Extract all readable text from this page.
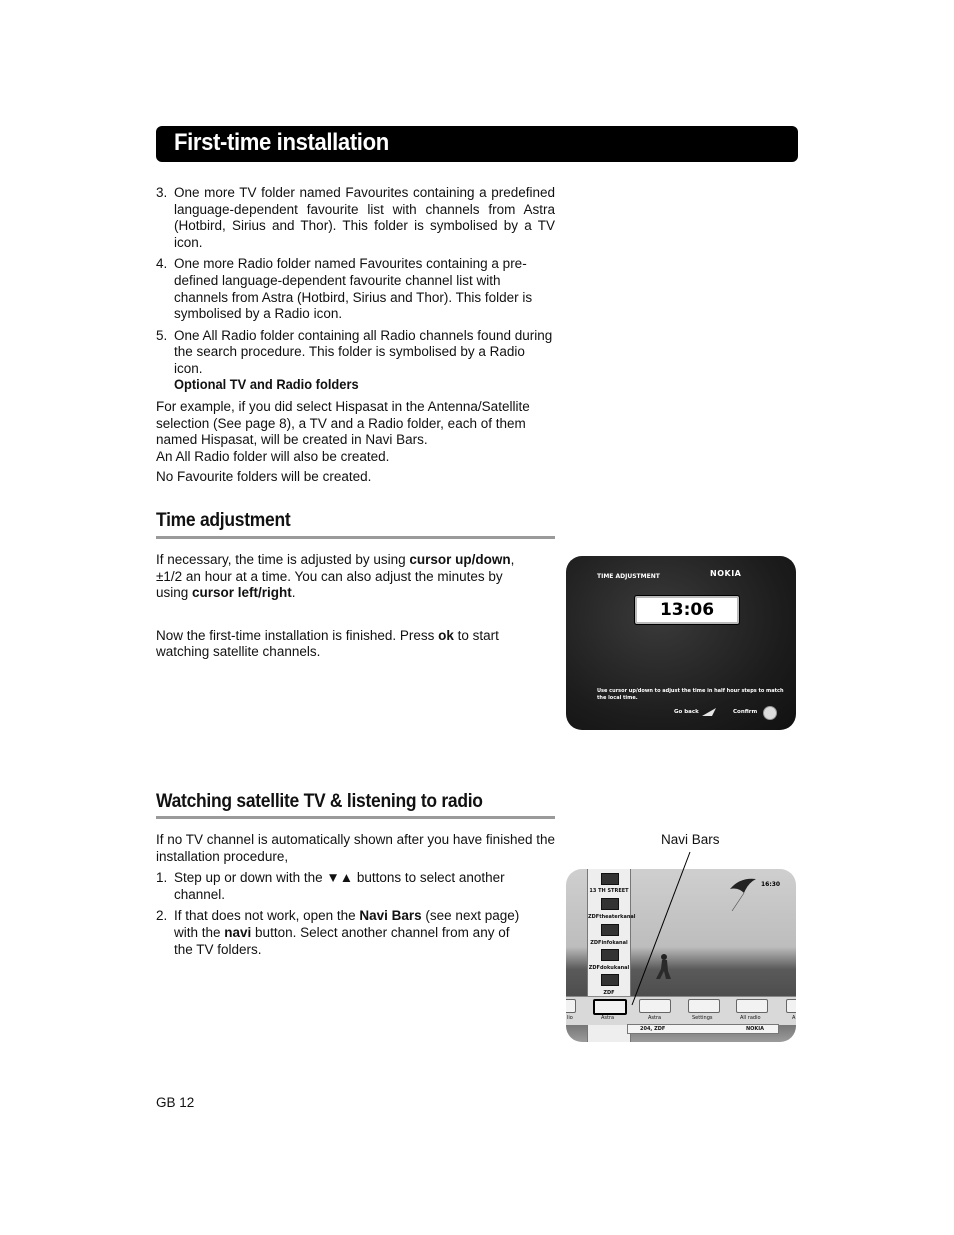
First-time installation
3. One more TV folder named Favourites containing a predefined language-dependent favourite list with channels from Astra (Hotbird, Sirius and Thor). This folder is symbolised by a TV icon.
4. One more Radio folder named Favourites containing a pre-defined language-dependent favourite channel list with channels from Astra (Hotbird, Sirius and Thor). This folder is symbolised by a Radio icon.
5. One All Radio folder containing all Radio channels found during the search procedure. This folder is symbolised by a Radio icon.
Optional TV and Radio folders

For example, if you did select Hispasat in the Antenna/Satellite selection (See page 8), a TV and a Radio folder, each of them named Hispasat, will be created in Navi Bars.

An All Radio folder will also be created.

No Favourite folders will be created.

Time adjustment

If necessary, the time is adjusted by using cursor up/down, ±1/2 an hour at a time. You can also adjust the minutes by using cursor left/right.

Now the first-time installation is finished. Press ok to start watching satellite channels.

TIME ADJUSTMENT	NOKIA
13:06
Use cursor up/down to adjust the time in half hour steps to match the local time.
Go back	Confirm
Watching satellite TV & listening to radio

If no TV channel is automatically shown after you have finished the installation procedure,

1. Step up or down with the ▼▲ buttons to select another channel.
2. If that does not work, open the Navi Bars (see next page) with the navi button. Select another channel from any of the TV folders.
Navi Bars
16:30
13 TH STREET
ZDFtheaterkanal
ZDFinfokanal
ZDFdokukanal
ZDF
lio	Astra	Astra	Settings	All radio	A
204, ZDF	NOKIA
GB 12
